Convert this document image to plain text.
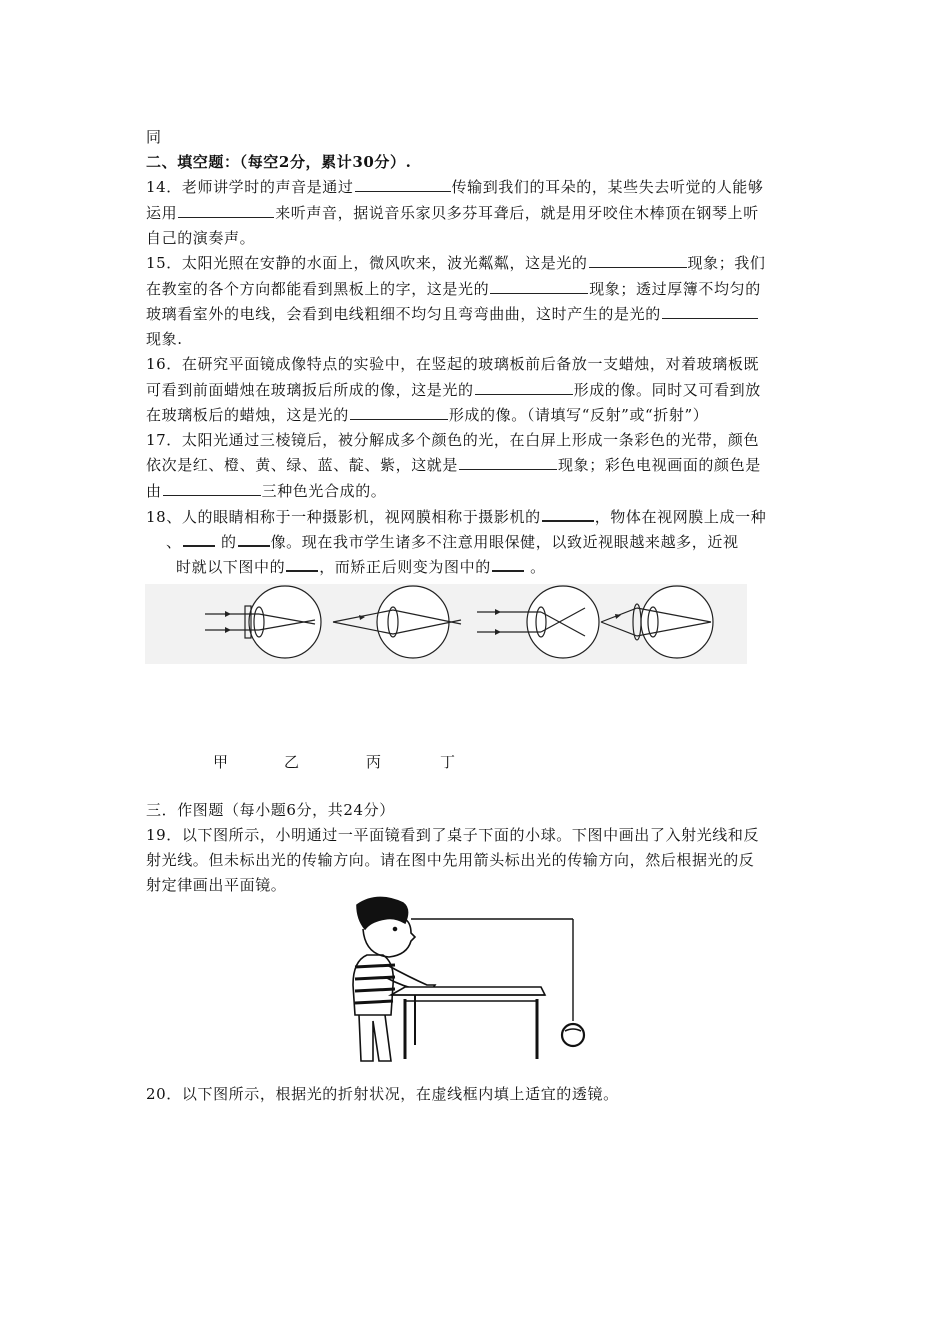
同
二、填空题：（每空2分，累计30分）.
14．老师讲学时的声音是通过	传输到我们的耳朵的，某些失去听觉的人能够
运用	来听声音，据说音乐家贝多芬耳聋后，就是用牙咬住木棒顶在钢琴上听
自己的演奏声。
15．太阳光照在安静的水面上，微风吹来，波光粼粼，这是光的	现象；我们
在教室的各个方向都能看到黑板上的字，这是光的	现象；透过厚簿不均匀的
玻璃看室外的电线，会看到电线粗细不均匀且弯弯曲曲，这时产生的是光的
现象.
16．在研究平面镜成像特点的实验中，在竖起的玻璃板前后备放一支蜡烛，对着玻璃板既
可看到前面蜡烛在玻璃扳后所成的像，这是光的	形成的像。同时又可看到放
在玻璃板后的蜡烛，这是光的	形成的像。（请填写“反射”或“折射”）
17．太阳光通过三棱镜后，被分解成多个颜色的光，在白屏上形成一条彩色的光带，颜色
依次是红、橙、黄、绿、蓝、靛、紫，这就是	现象；彩色电视画面的颜色是
由	三种色光合成的。
18、人的眼睛相称于一种摄影机，视网膜相称于摄影机的	，物体在视网膜上成一种
、 的 像。现在我市学生诸多不注意用眼保健，以致近视眼越来越多，近视
时就以下图中的 ，而矫正后则变为图中的 。
甲	乙	丙	丁
三．作图题（每小题6分，共24分）
19．以下图所示，小明通过一平面镜看到了桌子下面的小球。下图中画出了入射光线和反
射光线。但未标出光的传输方向。请在图中先用箭头标出光的传输方向，然后根据光的反
射定律画出平面镜。
20．以下图所示，根据光的折射状况，在虚线框内填上适宜的透镜。
